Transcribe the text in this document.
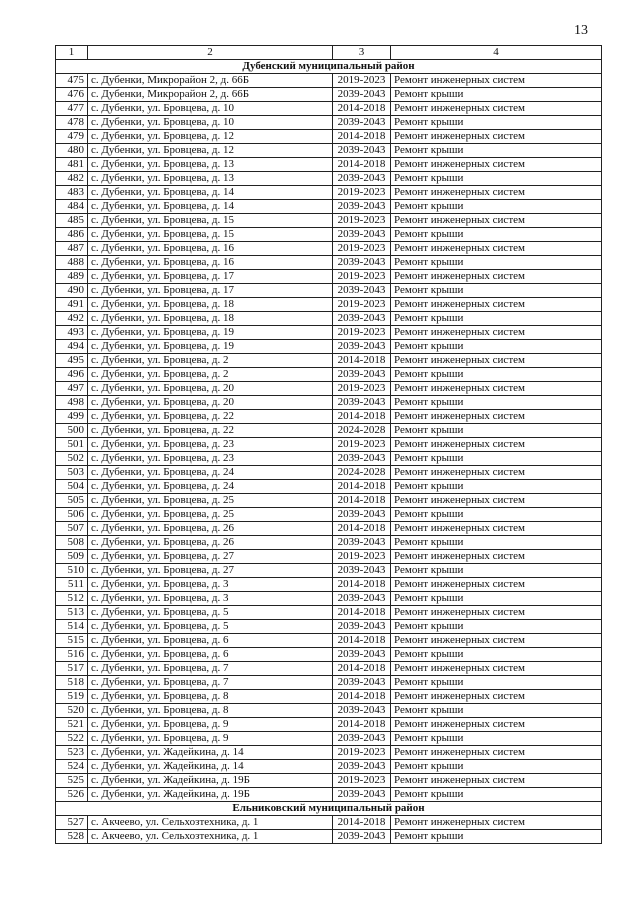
13
1	2	3	4
Дубенский муниципальный район			
475	с. Дубенки, Микрорайон 2, д. 66Б	2019-2023	Ремонт инженерных систем
476	с. Дубенки, Микрорайон 2, д. 66Б	2039-2043	Ремонт крыши
477	с. Дубенки, ул. Бровцева, д. 10	2014-2018	Ремонт инженерных систем
478	с. Дубенки, ул. Бровцева, д. 10	2039-2043	Ремонт крыши
479	с. Дубенки, ул. Бровцева, д. 12	2014-2018	Ремонт инженерных систем
480	с. Дубенки, ул. Бровцева, д. 12	2039-2043	Ремонт крыши
481	с. Дубенки, ул. Бровцева, д. 13	2014-2018	Ремонт инженерных систем
482	с. Дубенки, ул. Бровцева, д. 13	2039-2043	Ремонт крыши
483	с. Дубенки, ул. Бровцева, д. 14	2019-2023	Ремонт инженерных систем
484	с. Дубенки, ул. Бровцева, д. 14	2039-2043	Ремонт крыши
485	с. Дубенки, ул. Бровцева, д. 15	2019-2023	Ремонт инженерных систем
486	с. Дубенки, ул. Бровцева, д. 15	2039-2043	Ремонт крыши
487	с. Дубенки, ул. Бровцева, д. 16	2019-2023	Ремонт инженерных систем
488	с. Дубенки, ул. Бровцева, д. 16	2039-2043	Ремонт крыши
489	с. Дубенки, ул. Бровцева, д. 17	2019-2023	Ремонт инженерных систем
490	с. Дубенки, ул. Бровцева, д. 17	2039-2043	Ремонт крыши
491	с. Дубенки, ул. Бровцева, д. 18	2019-2023	Ремонт инженерных систем
492	с. Дубенки, ул. Бровцева, д. 18	2039-2043	Ремонт крыши
493	с. Дубенки, ул. Бровцева, д. 19	2019-2023	Ремонт инженерных систем
494	с. Дубенки, ул. Бровцева, д. 19	2039-2043	Ремонт крыши
495	с. Дубенки, ул. Бровцева, д. 2	2014-2018	Ремонт инженерных систем
496	с. Дубенки, ул. Бровцева, д. 2	2039-2043	Ремонт крыши
497	с. Дубенки, ул. Бровцева, д. 20	2019-2023	Ремонт инженерных систем
498	с. Дубенки, ул. Бровцева, д. 20	2039-2043	Ремонт крыши
499	с. Дубенки, ул. Бровцева, д. 22	2014-2018	Ремонт инженерных систем
500	с. Дубенки, ул. Бровцева, д. 22	2024-2028	Ремонт крыши
501	с. Дубенки, ул. Бровцева, д. 23	2019-2023	Ремонт инженерных систем
502	с. Дубенки, ул. Бровцева, д. 23	2039-2043	Ремонт крыши
503	с. Дубенки, ул. Бровцева, д. 24	2024-2028	Ремонт инженерных систем
504	с. Дубенки, ул. Бровцева, д. 24	2014-2018	Ремонт крыши
505	с. Дубенки, ул. Бровцева, д. 25	2014-2018	Ремонт инженерных систем
506	с. Дубенки, ул. Бровцева, д. 25	2039-2043	Ремонт крыши
507	с. Дубенки, ул. Бровцева, д. 26	2014-2018	Ремонт инженерных систем
508	с. Дубенки, ул. Бровцева, д. 26	2039-2043	Ремонт крыши
509	с. Дубенки, ул. Бровцева, д. 27	2019-2023	Ремонт инженерных систем
510	с. Дубенки, ул. Бровцева, д. 27	2039-2043	Ремонт крыши
511	с. Дубенки, ул. Бровцева, д. 3	2014-2018	Ремонт инженерных систем
512	с. Дубенки, ул. Бровцева, д. 3	2039-2043	Ремонт крыши
513	с. Дубенки, ул. Бровцева, д. 5	2014-2018	Ремонт инженерных систем
514	с. Дубенки, ул. Бровцева, д. 5	2039-2043	Ремонт крыши
515	с. Дубенки, ул. Бровцева, д. 6	2014-2018	Ремонт инженерных систем
516	с. Дубенки, ул. Бровцева, д. 6	2039-2043	Ремонт крыши
517	с. Дубенки, ул. Бровцева, д. 7	2014-2018	Ремонт инженерных систем
518	с. Дубенки, ул. Бровцева, д. 7	2039-2043	Ремонт крыши
519	с. Дубенки, ул. Бровцева, д. 8	2014-2018	Ремонт инженерных систем
520	с. Дубенки, ул. Бровцева, д. 8	2039-2043	Ремонт крыши
521	с. Дубенки, ул. Бровцева, д. 9	2014-2018	Ремонт инженерных систем
522	с. Дубенки, ул. Бровцева, д. 9	2039-2043	Ремонт крыши
523	с. Дубенки, ул. Жадейкина, д. 14	2019-2023	Ремонт инженерных систем
524	с. Дубенки, ул. Жадейкина, д. 14	2039-2043	Ремонт крыши
525	с. Дубенки, ул. Жадейкина, д. 19Б	2019-2023	Ремонт инженерных систем
526	с. Дубенки, ул. Жадейкина, д. 19Б	2039-2043	Ремонт крыши
Ельниковский муниципальный район			
527	с. Акчеево, ул. Сельхозтехника, д. 1	2014-2018	Ремонт инженерных систем
528	с. Акчеево, ул. Сельхозтехника, д. 1	2039-2043	Ремонт крыши
